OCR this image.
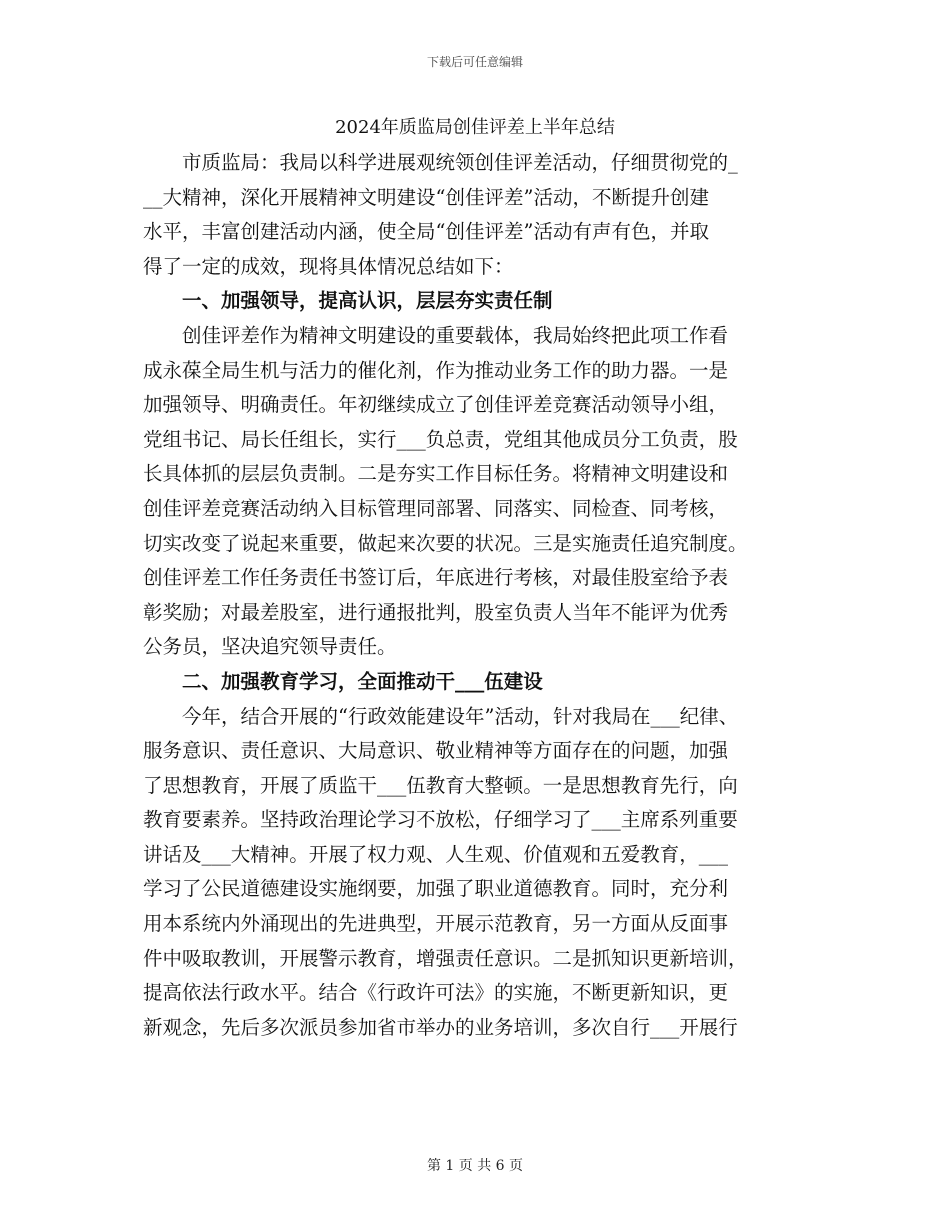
下载后可任意编辑
2024年质监局创佳评差上半年总结
　　市质监局：我局以科学进展观统领创佳评差活动，仔细贯彻党的_
__大精神，深化开展精神文明建设“创佳评差”活动，不断提升创建
水平，丰富创建活动内涵，使全局“创佳评差”活动有声有色，并取
得了一定的成效，现将具体情况总结如下：
　　一、加强领导，提高认识，层层夯实责任制
　　创佳评差作为精神文明建设的重要载体，我局始终把此项工作看
成永葆全局生机与活力的催化剂，作为推动业务工作的助力器。一是
加强领导、明确责任。年初继续成立了创佳评差竞赛活动领导小组，
党组书记、局长任组长，实行___负总责，党组其他成员分工负责，股
长具体抓的层层负责制。二是夯实工作目标任务。将精神文明建设和
创佳评差竞赛活动纳入目标管理同部署、同落实、同检查、同考核，
切实改变了说起来重要，做起来次要的状况。三是实施责任追究制度。
创佳评差工作任务责任书签订后，年底进行考核，对最佳股室给予表
彰奖励；对最差股室，进行通报批判，股室负责人当年不能评为优秀
公务员，坚决追究领导责任。
　　二、加强教育学习，全面推动干___伍建设
　　今年，结合开展的“行政效能建设年”活动，针对我局在___纪律、
服务意识、责任意识、大局意识、敬业精神等方面存在的问题，加强
了思想教育，开展了质监干___伍教育大整顿。一是思想教育先行，向
教育要素养。坚持政治理论学习不放松，仔细学习了___主席系列重要
讲话及___大精神。开展了权力观、人生观、价值观和五爱教育，___
学习了公民道德建设实施纲要，加强了职业道德教育。同时，充分利
用本系统内外涌现出的先进典型，开展示范教育，另一方面从反面事
件中吸取教训，开展警示教育，增强责任意识。二是抓知识更新培训，
提高依法行政水平。结合《行政许可法》的实施，不断更新知识，更
新观念，先后多次派员参加省市举办的业务培训，多次自行___开展行
第 1 页 共 6 页
